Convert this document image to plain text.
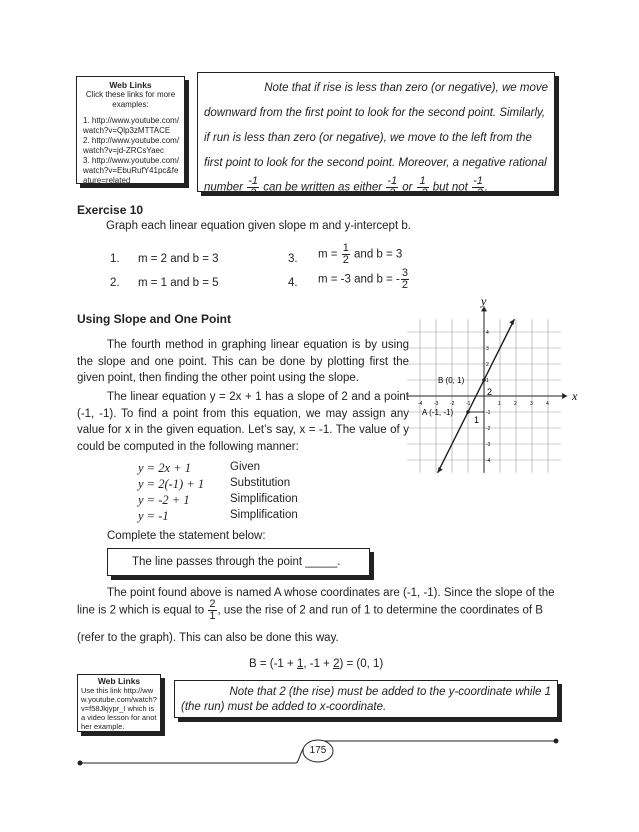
Web Links
Click these links for more examples:
1. http://www.youtube.com/watch?v=Qlp3zMTTACE
2. http://www.youtube.com/watch?v=jd-ZRCsYaec
3. http://www.youtube.com/watch?v=EbuRufY41pc&feature=related
Note that if rise is less than zero (or negative), we move
downward from the first point to look for the second point. Similarly,
if run is less than zero (or negative), we move to the left from the
first point to look for the second point. Moreover, a negative rational
number $\frac{-1}{2}$ can be written as either $\frac{-1}{2}$ or $\frac{1}{-2}$ but not $\frac{-1}{-2}$ .
Exercise 10
Graph each linear equation given slope m and y-intercept b.
1. m = 2 and b = 3
2. m = 1 and b = 5
3. $m = \frac{1}{2}$ and b = 3
4. m = -3 and b = - $\frac{3}{2}$
Using Slope and One Point
The fourth method in graphing linear equation is by using the slope and one point. This can be done by plotting first the given point, then finding the other point using the slope.
The linear equation y = 2x + 1 has a slope of 2 and a point (-1, -1). To find a point from this equation, we may assign any value for x in the given equation. Let’s say, x = -1. The value of y could be computed in the following manner:
y = 2x + 1	Given
y = 2(-1) + 1	Substitution
y = -2 + 1	Simplification
y = -1	Simplification
Complete the statement below:
The line passes through the point _____.
The point found above is named A whose coordinates are (-1, -1). Since the slope of the
line is 2 which is equal to $\frac{2}{1}$ , use the rise of 2 and run of 1 to determine the coordinates of B
(refer to the graph). This can also be done this way.
B = (-1 + 1, -1 + 2) = (0, 1)
Web Links
Use this link http://www.youtube.com/watch?v=f58Jkjypr_I which is a video lesson for another example.
Note that 2 (the rise) must be added to the y-coordinate while 1
(the run) must be added to x-coordinate.
175
x
y
-4 -3 -2 -1	1	2	3	4
4
3
2
1
-1
-2
-3
-4
A (-1, -1)
B (0, 1)
2
1
